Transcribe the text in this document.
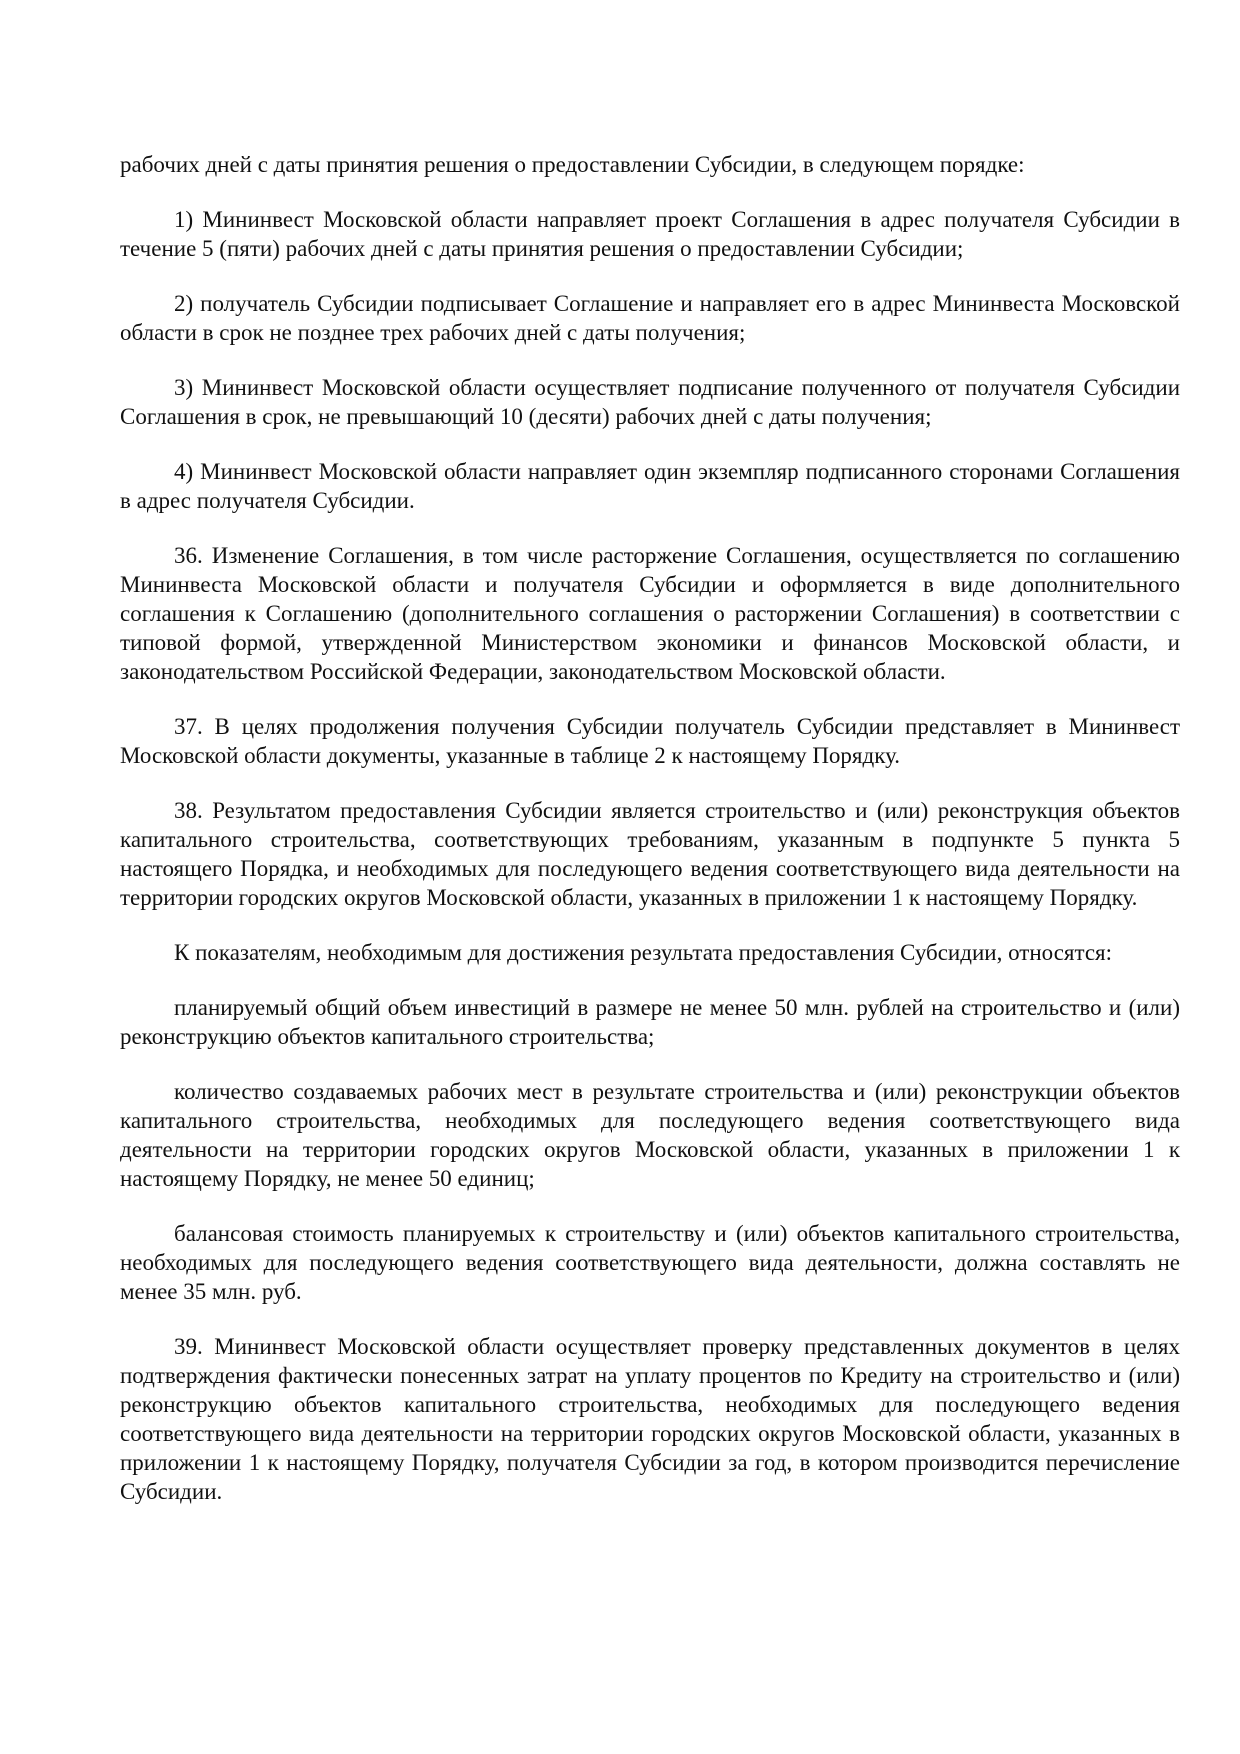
рабочих дней с даты принятия решения о предоставлении Субсидии, в следующем порядке:

1) Мининвест Московской области направляет проект Соглашения в адрес получателя Субсидии в течение 5 (пяти) рабочих дней с даты принятия решения о предоставлении Субсидии;

2) получатель Субсидии подписывает Соглашение и направляет его в адрес Мининвеста Московской области в срок не позднее трех рабочих дней с даты получения;

3) Мининвест Московской области осуществляет подписание полученного от получателя Субсидии Соглашения в срок, не превышающий 10 (десяти) рабочих дней с даты получения;

4) Мининвест Московской области направляет один экземпляр подписанного сторонами Соглашения в адрес получателя Субсидии.

36. Изменение Соглашения, в том числе расторжение Соглашения, осуществляется по соглашению Мининвеста Московской области и получателя Субсидии и оформляется в виде дополнительного соглашения к Соглашению (дополнительного соглашения о расторжении Соглашения) в соответствии с типовой формой, утвержденной Министерством экономики и финансов Московской области, и законодательством Российской Федерации, законодательством Московской области.

37. В целях продолжения получения Субсидии получатель Субсидии представляет в Мининвест Московской области документы, указанные в таблице 2 к настоящему Порядку.

38. Результатом предоставления Субсидии является строительство и (или) реконструкция объектов капитального строительства, соответствующих требованиям, указанным в подпункте 5 пункта 5 настоящего Порядка, и необходимых для последующего ведения соответствующего вида деятельности на территории городских округов Московской области, указанных в приложении 1 к настоящему Порядку.

К показателям, необходимым для достижения результата предоставления Субсидии, относятся:

планируемый общий объем инвестиций в размере не менее 50 млн. рублей на строительство и (или) реконструкцию объектов капитального строительства;

количество создаваемых рабочих мест в результате строительства и (или) реконструкции объектов капитального строительства, необходимых для последующего ведения соответствующего вида деятельности на территории городских округов Московской области, указанных в приложении 1 к настоящему Порядку, не менее 50 единиц;

балансовая стоимость планируемых к строительству и (или) объектов капитального строительства, необходимых для последующего ведения соответствующего вида деятельности, должна составлять не менее 35 млн. руб.

39. Мининвест Московской области осуществляет проверку представленных документов в целях подтверждения фактически понесенных затрат на уплату процентов по Кредиту на строительство и (или) реконструкцию объектов капитального строительства, необходимых для последующего ведения соответствующего вида деятельности на территории городских округов Московской области, указанных в приложении 1 к настоящему Порядку, получателя Субсидии за год, в котором производится перечисление Субсидии.
